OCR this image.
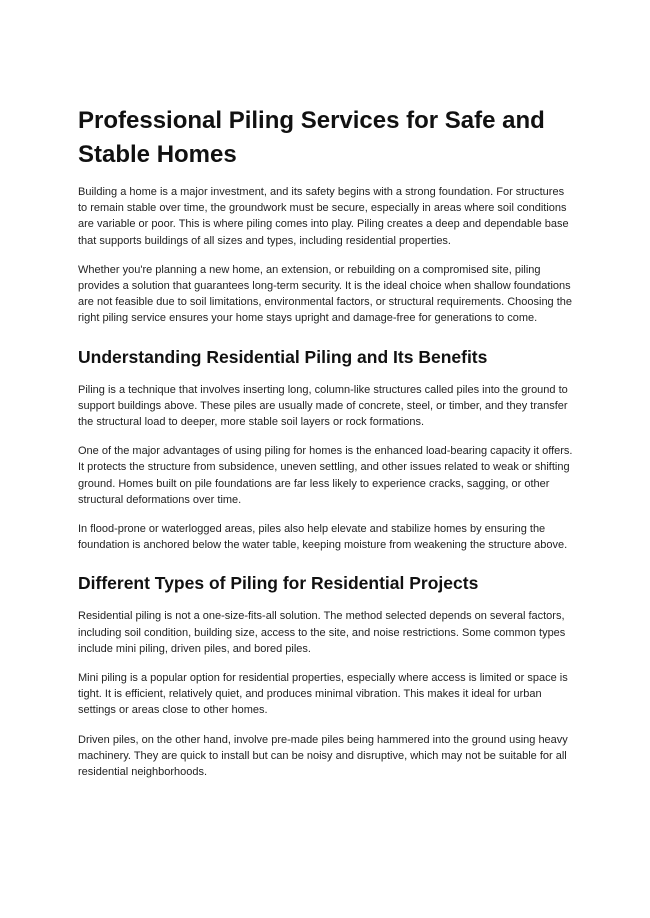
Professional Piling Services for Safe and Stable Homes

Building a home is a major investment, and its safety begins with a strong foundation. For structures to remain stable over time, the groundwork must be secure, especially in areas where soil conditions are variable or poor. This is where piling comes into play. Piling creates a deep and dependable base that supports buildings of all sizes and types, including residential properties.

Whether you're planning a new home, an extension, or rebuilding on a compromised site, piling provides a solution that guarantees long-term security. It is the ideal choice when shallow foundations are not feasible due to soil limitations, environmental factors, or structural requirements. Choosing the right piling service ensures your home stays upright and damage-free for generations to come.

Understanding Residential Piling and Its Benefits

Piling is a technique that involves inserting long, column-like structures called piles into the ground to support buildings above. These piles are usually made of concrete, steel, or timber, and they transfer the structural load to deeper, more stable soil layers or rock formations.

One of the major advantages of using piling for homes is the enhanced load-bearing capacity it offers. It protects the structure from subsidence, uneven settling, and other issues related to weak or shifting ground. Homes built on pile foundations are far less likely to experience cracks, sagging, or other structural deformations over time.

In flood-prone or waterlogged areas, piles also help elevate and stabilize homes by ensuring the foundation is anchored below the water table, keeping moisture from weakening the structure above.

Different Types of Piling for Residential Projects

Residential piling is not a one-size-fits-all solution. The method selected depends on several factors, including soil condition, building size, access to the site, and noise restrictions. Some common types include mini piling, driven piles, and bored piles.

Mini piling is a popular option for residential properties, especially where access is limited or space is tight. It is efficient, relatively quiet, and produces minimal vibration. This makes it ideal for urban settings or areas close to other homes.

Driven piles, on the other hand, involve pre-made piles being hammered into the ground using heavy machinery. They are quick to install but can be noisy and disruptive, which may not be suitable for all residential neighborhoods.
